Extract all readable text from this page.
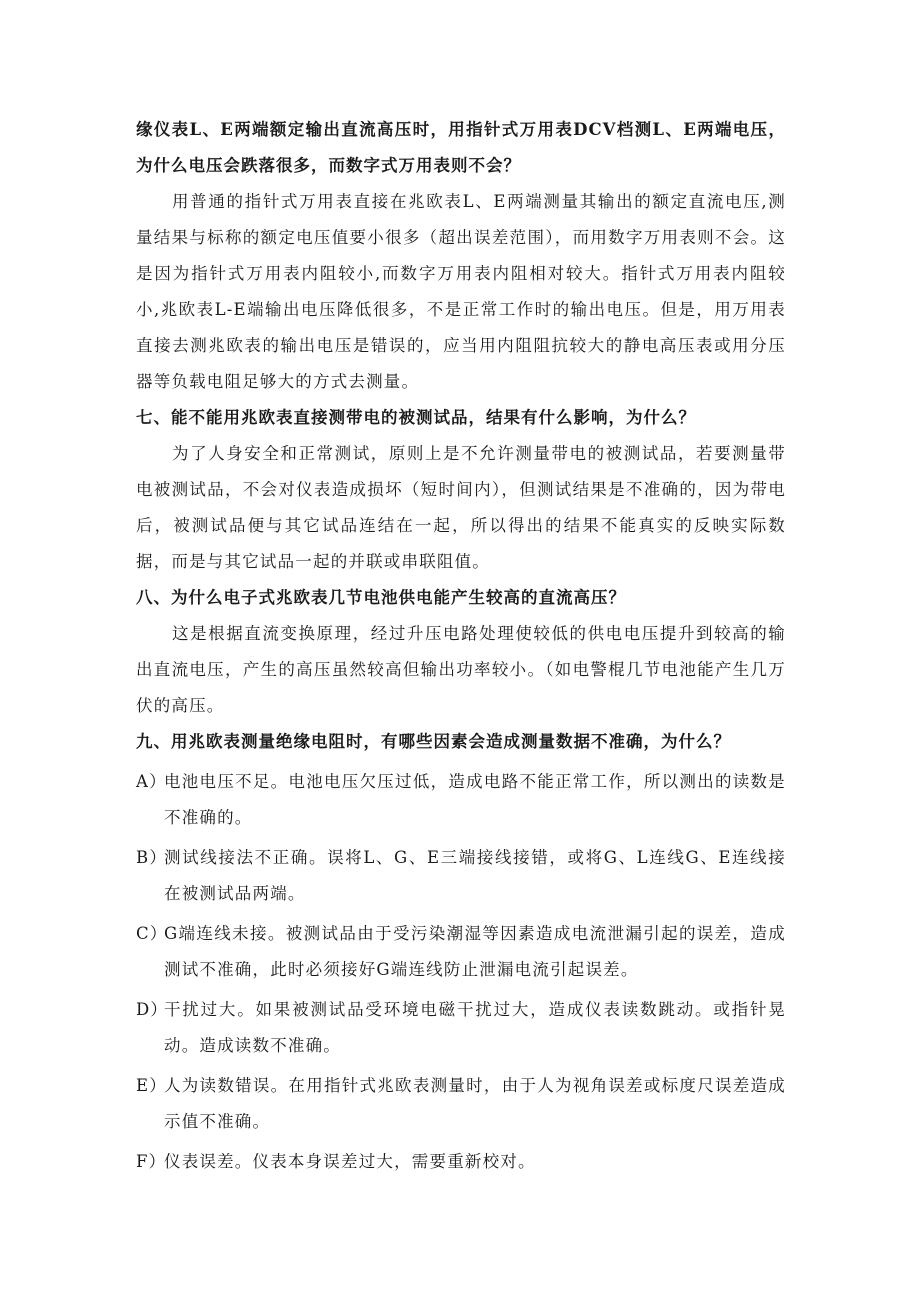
缘仪表L、E两端额定输出直流高压时，用指针式万用表DCV档测L、E两端电压，为什么电压会跌落很多，而数字式万用表则不会？

用普通的指针式万用表直接在兆欧表L、E两端测量其输出的额定直流电压,测量结果与标称的额定电压值要小很多（超出误差范围），而用数字万用表则不会。这是因为指针式万用表内阻较小,而数字万用表内阻相对较大。指针式万用表内阻较小,兆欧表L-E端输出电压降低很多，不是正常工作时的输出电压。但是，用万用表直接去测兆欧表的输出电压是错误的，应当用内阻阻抗较大的静电高压表或用分压器等负载电阻足够大的方式去测量。

七、能不能用兆欧表直接测带电的被测试品，结果有什么影响，为什么？

为了人身安全和正常测试，原则上是不允许测量带电的被测试品，若要测量带电被测试品，不会对仪表造成损坏（短时间内），但测试结果是不准确的，因为带电后，被测试品便与其它试品连结在一起，所以得出的结果不能真实的反映实际数据，而是与其它试品一起的并联或串联阻值。

八、为什么电子式兆欧表几节电池供电能产生较高的直流高压？

这是根据直流变换原理，经过升压电路处理使较低的供电电压提升到较高的输出直流电压，产生的高压虽然较高但输出功率较小。（如电警棍几节电池能产生几万伏的高压。

九、用兆欧表测量绝缘电阻时，有哪些因素会造成测量数据不准确，为什么？

A）
电池电压不足。电池电压欠压过低，造成电路不能正常工作，所以测出的读数是不准确的。
B）
测试线接法不正确。误将L、G、E三端接线接错，或将G、L连线G、E连线接在被测试品两端。
C）
G端连线未接。被测试品由于受污染潮湿等因素造成电流泄漏引起的误差，造成测试不准确，此时必须接好G端连线防止泄漏电流引起误差。
D）
干扰过大。如果被测试品受环境电磁干扰过大，造成仪表读数跳动。或指针晃动。造成读数不准确。
E）
人为读数错误。在用指针式兆欧表测量时，由于人为视角误差或标度尺误差造成示值不准确。
F）
仪表误差。仪表本身误差过大，需要重新校对。
